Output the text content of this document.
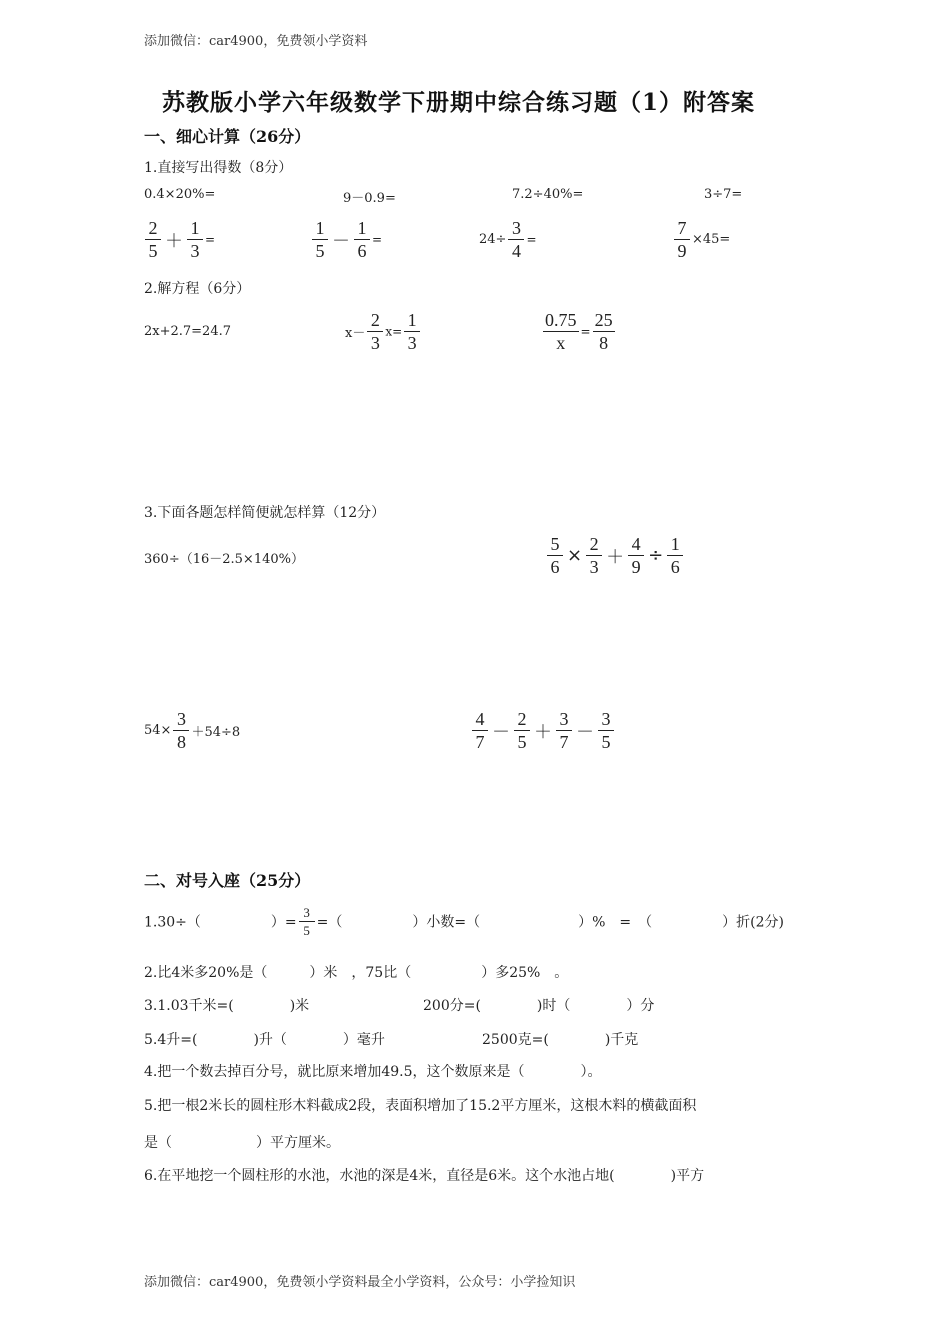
添加微信：car4900，免费领小学资料
苏教版小学六年级数学下册期中综合练习题（1）附答案
一、细心计算（26分）
1.直接写出得数（8分）
0.4×20%=	9－0.9=	7.2÷40%=	3÷7=
$\frac{2}{5} + \frac{1}{3}$ =	$\frac{1}{5} - \frac{1}{6}$ =	$24\div \frac{3}{4}$ =	$\frac{7}{9} \times 45=$
2.解方程（6分）
2x+2.7=24.7	$x- \frac{2}{3} x= \frac{1}{3}$	$\frac{0.75}{x} = \frac{25}{8}$
3.下面各题怎样简便就怎样算（12分）
360÷（16－2.5×140%）	$\frac{5}{6} \times \frac{2}{3} + \frac{4}{9} \div \frac{1}{6}$
$54\times \frac{3}{8} +54\div 8$	$\frac{4}{7} - \frac{2}{5} + \frac{3}{7} - \frac{3}{5}$
二、对号入座（25分）
1.30÷（　　　　　）= $\frac{3}{5}$ =（　　　　　）小数=（　　　　　　　）%　=　（　　　　　）折(2分)
2.比4米多20%是（　　　）米　，75比（　　　　　）多25%　。
3.1.03千米=(　　　　)米	200分=(　　　　)时（　　　　）分
5.4升=(　　　　)升（　　　　）毫升	2500克=(　　　　)千克
4.把一个数去掉百分号，就比原来增加49.5，这个数原来是（　　　　）。
5.把一根2米长的圆柱形木料截成2段，表面积增加了15.2平方厘米，这根木料的横截面积
是（　　　　　　）平方厘米。
6.在平地挖一个圆柱形的水池，水池的深是4米，直径是6米。这个水池占地(　　　　)平方
添加微信：car4900，免费领小学资料最全小学资料，公众号：小学捡知识
